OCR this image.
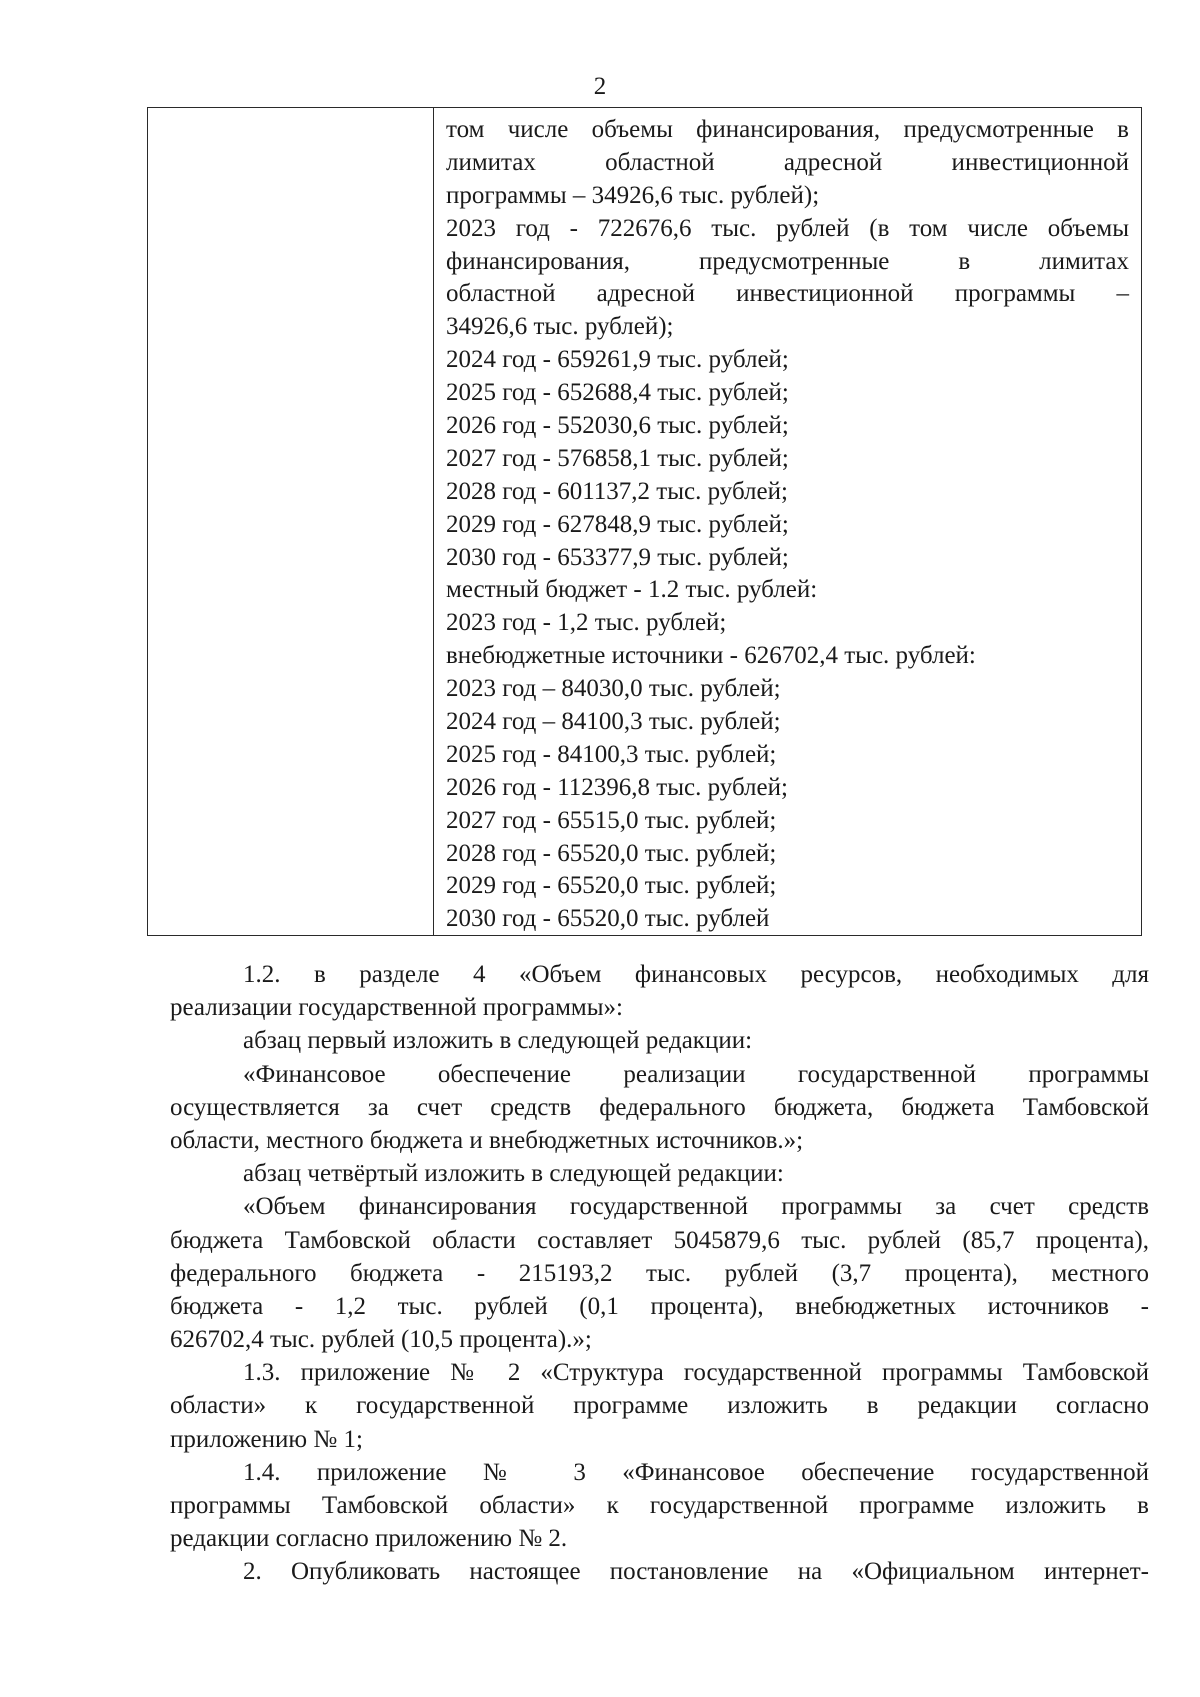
2
том числе объемы финансирования, предусмотренные в
лимитах областной адресной инвестиционной
программы – 34926,6 тыс. рублей);
2023 год - 722676,6 тыс. рублей (в том числе объемы
финансирования, предусмотренные в лимитах
областной адресной инвестиционной программы –
34926,6 тыс. рублей);
2024 год - 659261,9 тыс. рублей;
2025 год - 652688,4 тыс. рублей;
2026 год - 552030,6 тыс. рублей;
2027 год - 576858,1 тыс. рублей;
2028 год - 601137,2 тыс. рублей;
2029 год - 627848,9 тыс. рублей;
2030 год - 653377,9 тыс. рублей;
местный бюджет - 1.2 тыс. рублей:
2023 год - 1,2 тыс. рублей;
внебюджетные источники - 626702,4 тыс. рублей:
2023 год – 84030,0 тыс. рублей;
2024 год – 84100,3 тыс. рублей;
2025 год - 84100,3 тыс. рублей;
2026 год - 112396,8 тыс. рублей;
2027 год - 65515,0 тыс. рублей;
2028 год - 65520,0 тыс. рублей;
2029 год - 65520,0 тыс. рублей;
2030 год - 65520,0 тыс. рублей
1.2. в разделе 4 «Объем финансовых ресурсов, необходимых для
реализации государственной программы»:
абзац первый изложить в следующей редакции:
«Финансовое обеспечение реализации государственной программы
осуществляется за счет средств федерального бюджета, бюджета Тамбовской
области, местного бюджета и внебюджетных источников.»;
абзац четвёртый изложить в следующей редакции:
«Объем финансирования государственной программы за счет средств
бюджета Тамбовской области составляет 5045879,6 тыс. рублей (85,7 процента),
федерального бюджета - 215193,2 тыс. рублей (3,7 процента), местного
бюджета - 1,2 тыс. рублей (0,1 процента), внебюджетных источников -
626702,4 тыс. рублей (10,5 процента).»;
1.3. приложение № 2 «Структура государственной программы Тамбовской
области» к государственной программе изложить в редакции согласно
приложению № 1;
1.4. приложение № 3 «Финансовое обеспечение государственной
программы Тамбовской области» к государственной программе изложить в
редакции согласно приложению № 2.
2. Опубликовать настоящее постановление на «Официальном интернет-
